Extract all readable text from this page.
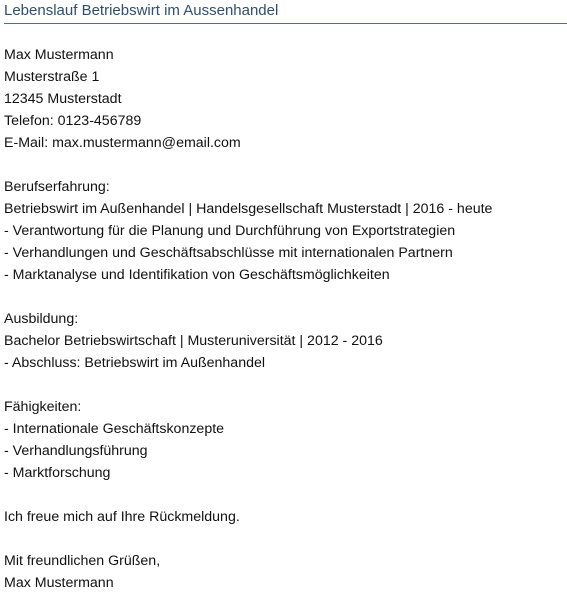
Lebenslauf Betriebswirt im Aussenhandel
Max Mustermann
Musterstraße 1
12345 Musterstadt
Telefon: 0123-456789
E-Mail: max.mustermann@email.com
Berufserfahrung:
Betriebswirt im Außenhandel | Handelsgesellschaft Musterstadt | 2016 - heute
- Verantwortung für die Planung und Durchführung von Exportstrategien
- Verhandlungen und Geschäftsabschlüsse mit internationalen Partnern
- Marktanalyse und Identifikation von Geschäftsmöglichkeiten
Ausbildung:
Bachelor Betriebswirtschaft | Musteruniversität | 2012 - 2016
- Abschluss: Betriebswirt im Außenhandel
Fähigkeiten:
- Internationale Geschäftskonzepte
- Verhandlungsführung
- Marktforschung
Ich freue mich auf Ihre Rückmeldung.
Mit freundlichen Grüßen,
Max Mustermann
